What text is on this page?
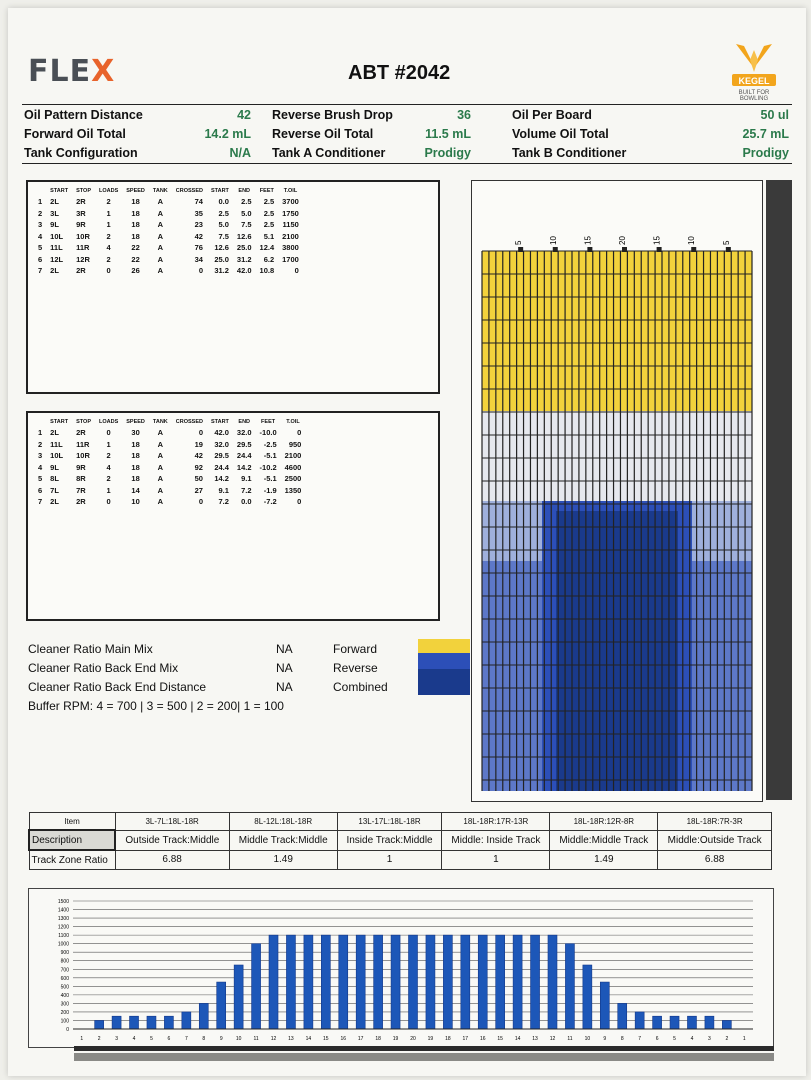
FLEX	ABT #2042	KEGEL
BUILT FOR BOWLING
Oil Pattern Distance	42
Forward Oil Total	14.2 mL
Tank Configuration	N/A
Reverse Brush Drop	36
Reverse Oil Total	11.5 mL
Tank A Conditioner	Prodigy
Oil Per Board	50 ul
Volume Oil Total	25.7 mL
Tank B Conditioner	Prodigy
	START	STOP	LOADS	SPEED	TANK	CROSSED	START	END	FEET	T.OIL
1	2L	2R	2	18	A	74	0.0	2.5	2.5	3700
2	3L	3R	1	18	A	35	2.5	5.0	2.5	1750
3	9L	9R	1	18	A	23	5.0	7.5	2.5	1150
4	10L	10R	2	18	A	42	7.5	12.6	5.1	2100
5	11L	11R	4	22	A	76	12.6	25.0	12.4	3800
6	12L	12R	2	22	A	34	25.0	31.2	6.2	1700
7	2L	2R	0	26	A	0	31.2	42.0	10.8	0
	START	STOP	LOADS	SPEED	TANK	CROSSED	START	END	FEET	T.OIL
1	2L	2R	0	30	A	0	42.0	32.0	-10.0	0
2	11L	11R	1	18	A	19	32.0	29.5	-2.5	950
3	10L	10R	2	18	A	42	29.5	24.4	-5.1	2100
4	9L	9R	4	18	A	92	24.4	14.2	-10.2	4600
5	8L	8R	2	18	A	50	14.2	9.1	-5.1	2500
6	7L	7R	1	14	A	27	9.1	7.2	-1.9	1350
7	2L	2R	0	10	A	0	7.2	0.0	-7.2	0
5	10	15	20	15	10	5
Cleaner Ratio Main Mix	NA	Forward
Cleaner Ratio Back End Mix	NA	Reverse
Cleaner Ratio Back End Distance	NA	Combined
Buffer RPM: 4 = 700 | 3 = 500 | 2 = 200| 1 = 100
Item	3L-7L:18L-18R	8L-12L:18L-18R	13L-17L:18L-18R	18L-18R:17R-13R	18L-18R:12R-8R	18L-18R:7R-3R
Description	Outside Track:Middle	Middle Track:Middle	Inside Track:Middle	Middle: Inside Track	Middle:Middle Track	Middle:Outside Track
Track Zone Ratio	6.88	1.49	1	1	1.49	6.88
0
100
200
300
400
500
600
700
800
900
1000
1100
1200
1300
1400
1500
1	2	3	4	5	6	7	8	9	10 11 12 13 14 15 16 17 18 19 20 19 18 17 16 15 14 13 12 11 10	9	8	7	6	5	4	3	2	1
